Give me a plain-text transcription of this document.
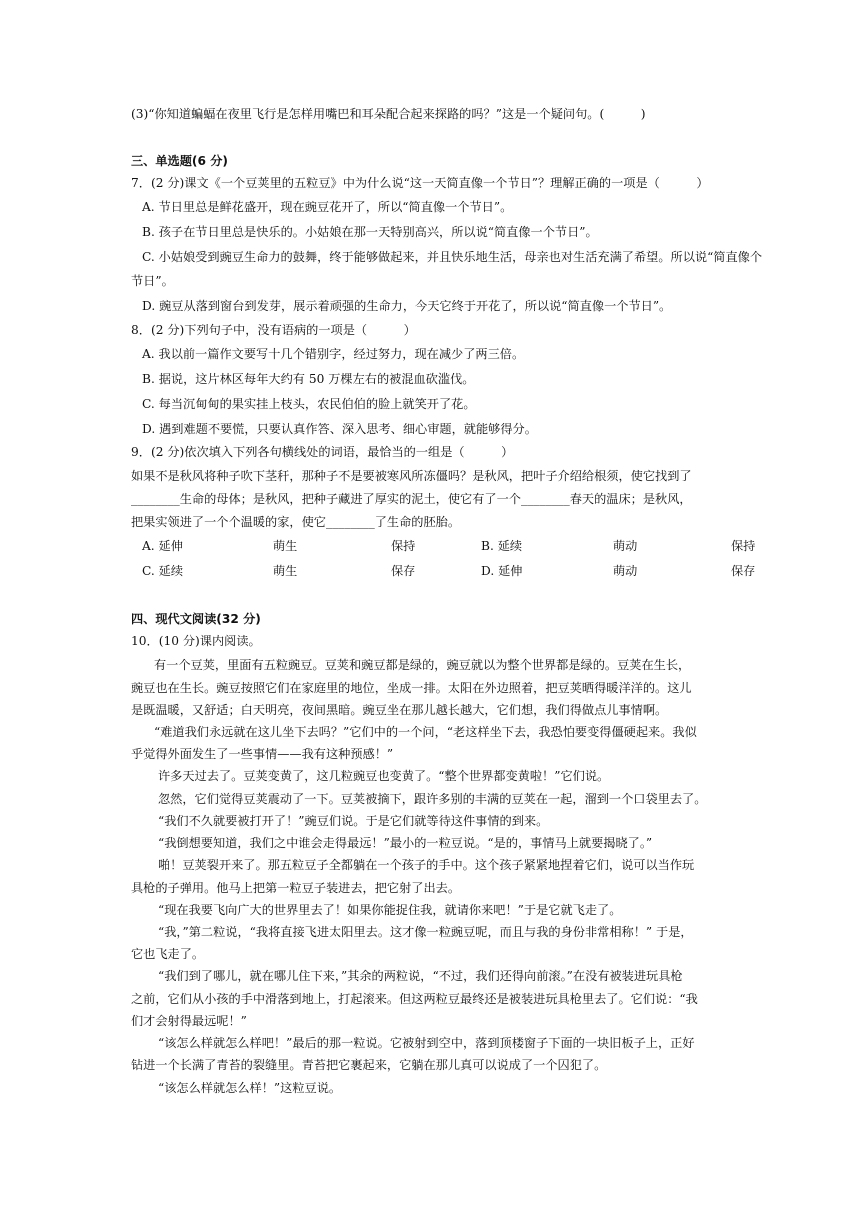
(3)“你知道蝙蝠在夜里飞行是怎样用嘴巴和耳朵配合起来探路的吗？”这是一个疑问句。(　　　)
三、单选题(6 分)
7．(2 分)课文《一个豆荚里的五粒豆》中为什么说“这一天简直像一个节日”？理解正确的一项是（　　　）
A. 节日里总是鲜花盛开，现在豌豆花开了，所以“简直像一个节日”。
B. 孩子在节日里总是快乐的。小姑娘在那一天特别高兴，所以说“简直像一个节日”。
C. 小姑娘受到豌豆生命力的鼓舞，终于能够做起来，并且快乐地生活，母亲也对生活充满了希望。所以说“简直像个
节日”。
D. 豌豆从落到窗台到发芽，展示着顽强的生命力，今天它终于开花了，所以说“简直像一个节日”。
8．(2 分)下列句子中，没有语病的一项是（　　　）
A. 我以前一篇作文要写十几个错别字，经过努力，现在减少了两三倍。
B. 据说，这片林区每年大约有 50 万棵左右的被混血砍滥伐。
C. 每当沉甸甸的果实挂上枝头，农民伯伯的脸上就笑开了花。
D. 遇到难题不要慌，只要认真作答、深入思考、细心审题，就能够得分。
9．(2 分)依次填入下列各句横线处的词语，最恰当的一组是（　　　）
如果不是秋风将种子吹下茎秆，那种子不是要被寒风所冻僵吗？是秋风，把叶子介绍给根须，使它找到了
________生命的母体；是秋风，把种子藏进了厚实的泥土，使它有了一个________春天的温床；是秋风，
把果实领进了一个个温暖的家，使它________了生命的胚胎。
A. 延伸	萌生	保持	B. 延续	萌动	保持
C. 延续	萌生	保存	D. 延伸	萌动	保存
四、现代文阅读(32 分)
10．(10 分)课内阅读。
有一个豆荚，里面有五粒豌豆。豆荚和豌豆都是绿的，豌豆就以为整个世界都是绿的。豆荚在生长，
豌豆也在生长。豌豆按照它们在家庭里的地位，坐成一排。太阳在外边照着，把豆荚晒得暖洋洋的。这儿
是既温暖，又舒适；白天明亮，夜间黑暗。豌豆坐在那儿越长越大，它们想，我们得做点儿事情啊。
“难道我们永远就在这儿坐下去吗？”它们中的一个问，“老这样坐下去，我恐怕要变得僵硬起来。我似
乎觉得外面发生了一些事情——我有这种预感！”
许多天过去了。豆荚变黄了，这几粒豌豆也变黄了。“整个世界都变黄啦！”它们说。
忽然，它们觉得豆荚震动了一下。豆荚被摘下，跟许多别的丰满的豆荚在一起，溜到一个口袋里去了。
“我们不久就要被打开了！”豌豆们说。于是它们就等待这件事情的到来。
“我倒想要知道，我们之中谁会走得最远！”最小的一粒豆说。“是的，事情马上就要揭晓了。”
啪！豆荚裂开来了。那五粒豆子全都躺在一个孩子的手中。这个孩子紧紧地捏着它们，说可以当作玩
具枪的子弹用。他马上把第一粒豆子装进去，把它射了出去。
“现在我要飞向广大的世界里去了！如果你能捉住我，就请你来吧！”于是它就飞走了。
“我，”第二粒说，“我将直接飞进太阳里去。这才像一粒豌豆呢，而且与我的身份非常相称！” 于是，
它也飞走了。
“我们到了哪儿，就在哪儿住下来，”其余的两粒说，“不过，我们还得向前滚。”在没有被装进玩具枪
之前，它们从小孩的手中滑落到地上，打起滚来。但这两粒豆最终还是被装进玩具枪里去了。它们说：“我
们才会射得最远呢！”
“该怎么样就怎么样吧！”最后的那一粒说。它被射到空中，落到顶楼窗子下面的一块旧板子上，正好
钻进一个长满了青苔的裂缝里。青苔把它裹起来，它躺在那儿真可以说成了一个囚犯了。
“该怎么样就怎么样！”这粒豆说。
